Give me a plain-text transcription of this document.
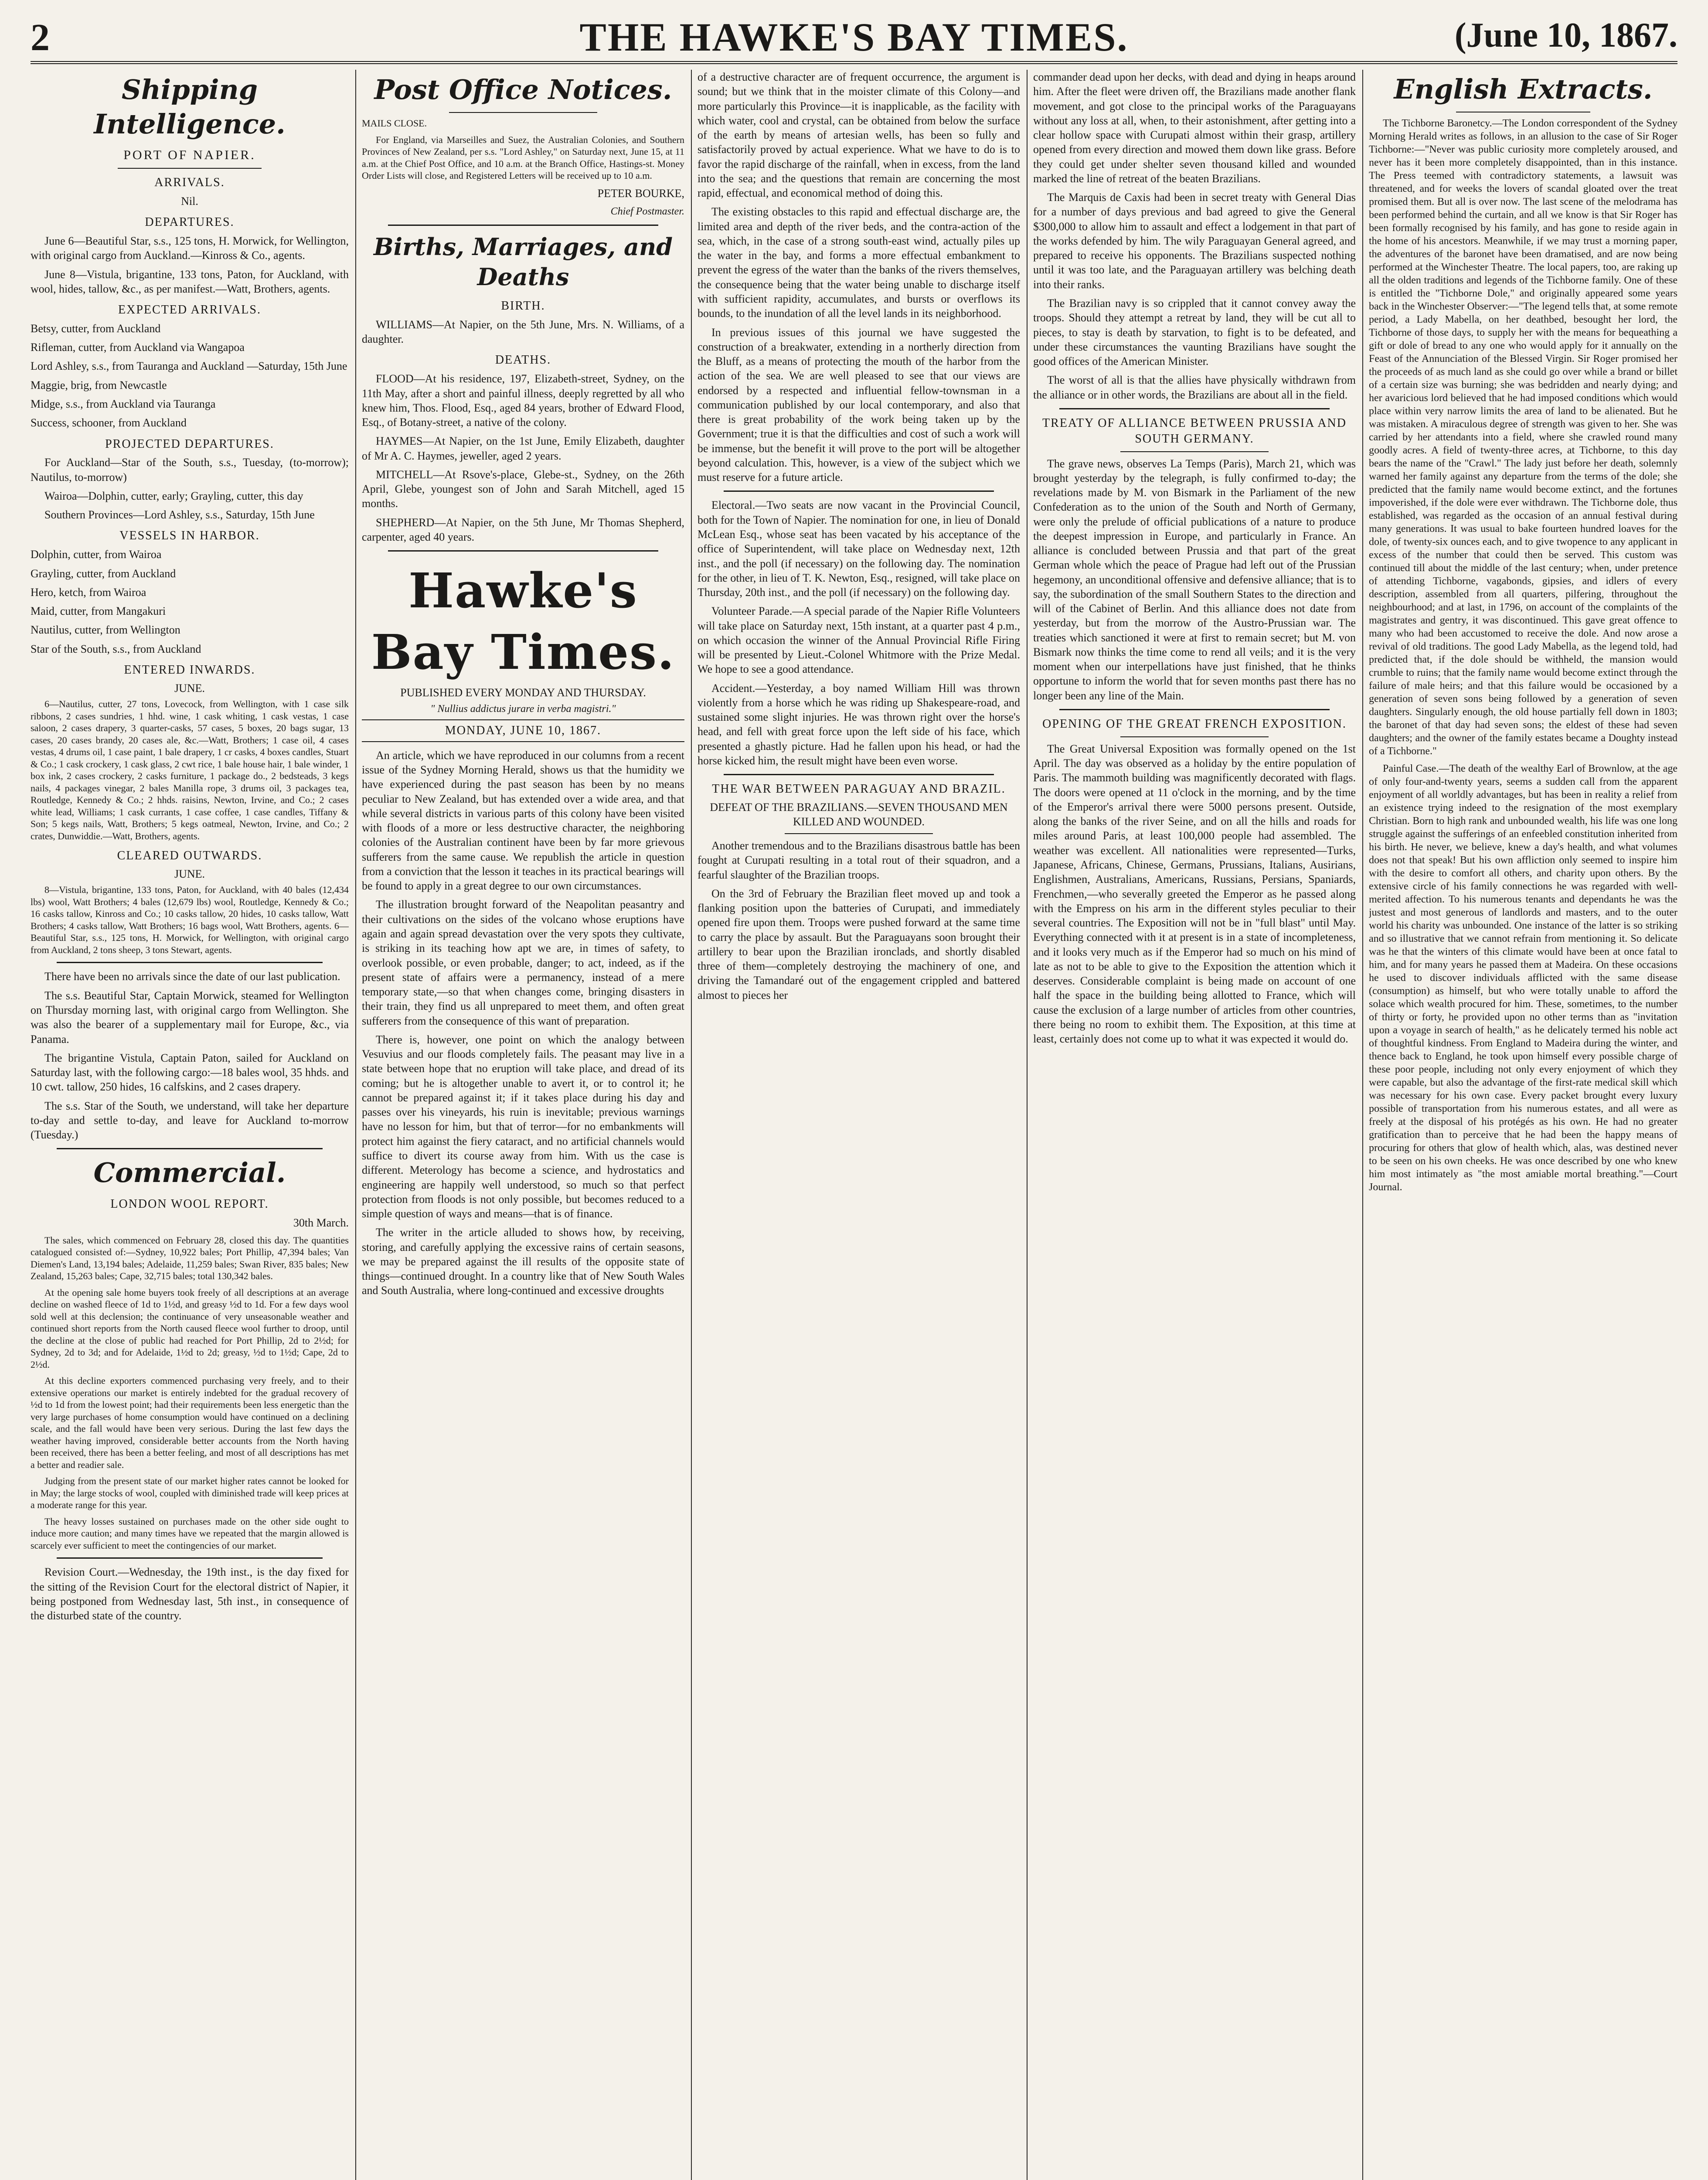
2	THE HAWKE'S BAY TIMES.	(June 10, 1867.
Shipping Intelligence.
PORT OF NAPIER.
ARRIVALS.

Nil.

DEPARTURES.

June 6—Beautiful Star, s.s., 125 tons, H. Morwick, for Wellington, with original cargo from Auckland.—Kinross & Co., agents.

June 8—Vistula, brigantine, 133 tons, Paton, for Auckland, with wool, hides, tallow, &c., as per manifest.—Watt, Brothers, agents.

EXPECTED ARRIVALS.

Betsy, cutter, from Auckland

Rifleman, cutter, from Auckland via Wangapoa

Lord Ashley, s.s., from Tauranga and Auckland —Saturday, 15th June

Maggie, brig, from Newcastle

Midge, s.s., from Auckland via Tauranga

Success, schooner, from Auckland

PROJECTED DEPARTURES.

For Auckland—Star of the South, s.s., Tuesday, (to-morrow); Nautilus, to-morrow)

Wairoa—Dolphin, cutter, early; Grayling, cutter, this day

Southern Provinces—Lord Ashley, s.s., Saturday, 15th June

VESSELS IN HARBOR.

Dolphin, cutter, from Wairoa

Grayling, cutter, from Auckland

Hero, ketch, from Wairoa

Maid, cutter, from Mangakuri

Nautilus, cutter, from Wellington

Star of the South, s.s., from Auckland

ENTERED INWARDS.
JUNE.

6—Nautilus, cutter, 27 tons, Lovecock, from Wellington, with 1 case silk ribbons, 2 cases sundries, 1 hhd. wine, 1 cask whiting, 1 cask vestas, 1 case saloon, 2 cases drapery, 3 quarter-casks, 57 cases, 5 boxes, 20 bags sugar, 13 cases, 20 cases brandy, 20 cases ale, &c.—Watt, Brothers; 1 case oil, 4 cases vestas, 4 drums oil, 1 case paint, 1 bale drapery, 1 cr casks, 4 boxes candles, Stuart & Co.; 1 cask crockery, 1 cask glass, 2 cwt rice, 1 bale house hair, 1 bale winder, 1 box ink, 2 cases crockery, 2 casks furniture, 1 package do., 2 bedsteads, 3 kegs nails, 4 packages vinegar, 2 bales Manilla rope, 3 drums oil, 3 packages tea, Routledge, Kennedy & Co.; 2 hhds. raisins, Newton, Irvine, and Co.; 2 cases white lead, Williams; 1 cask currants, 1 case coffee, 1 case candles, Tiffany & Son; 5 kegs nails, Watt, Brothers; 5 kegs oatmeal, Newton, Irvine, and Co.; 2 crates, Dunwiddie.—Watt, Brothers, agents.

CLEARED OUTWARDS.
JUNE.

8—Vistula, brigantine, 133 tons, Paton, for Auckland, with 40 bales (12,434 lbs) wool, Watt Brothers; 4 bales (12,679 lbs) wool, Routledge, Kennedy & Co.; 16 casks tallow, Kinross and Co.; 10 casks tallow, 20 hides, 10 casks tallow, Watt Brothers; 4 casks tallow, Watt Brothers; 16 bags wool, Watt Brothers, agents. 6—Beautiful Star, s.s., 125 tons, H. Morwick, for Wellington, with original cargo from Auckland, 2 tons sheep, 3 tons Stewart, agents.

There have been no arrivals since the date of our last publication.

The s.s. Beautiful Star, Captain Morwick, steamed for Wellington on Thursday morning last, with original cargo from Wellington. She was also the bearer of a supplementary mail for Europe, &c., via Panama.

The brigantine Vistula, Captain Paton, sailed for Auckland on Saturday last, with the following cargo:—18 bales wool, 35 hhds. and 10 cwt. tallow, 250 hides, 16 calfskins, and 2 cases drapery.

The s.s. Star of the South, we understand, will take her departure to-day and settle to-day, and leave for Auckland to-morrow (Tuesday.)

Commercial.
LONDON WOOL REPORT.

30th March.

The sales, which commenced on February 28, closed this day. The quantities catalogued consisted of:—Sydney, 10,922 bales; Port Phillip, 47,394 bales; Van Diemen's Land, 13,194 bales; Adelaide, 11,259 bales; Swan River, 835 bales; New Zealand, 15,263 bales; Cape, 32,715 bales; total 130,342 bales.

At the opening sale home buyers took freely of all descriptions at an average decline on washed fleece of 1d to 1½d, and greasy ½d to 1d. For a few days wool sold well at this declension; the continuance of very unseasonable weather and continued short reports from the North caused fleece wool further to droop, until the decline at the close of public had reached for Port Phillip, 2d to 2½d; for Sydney, 2d to 3d; and for Adelaide, 1½d to 2d; greasy, ½d to 1½d; Cape, 2d to 2½d.

At this decline exporters commenced purchasing very freely, and to their extensive operations our market is entirely indebted for the gradual recovery of ½d to 1d from the lowest point; had their requirements been less energetic than the very large purchases of home consumption would have continued on a declining scale, and the fall would have been very serious. During the last few days the weather having improved, considerable better accounts from the North having been received, there has been a better feeling, and most of all descriptions has met a better and readier sale.

Judging from the present state of our market higher rates cannot be looked for in May; the large stocks of wool, coupled with diminished trade will keep prices at a moderate range for this year.

The heavy losses sustained on purchases made on the other side ought to induce more caution; and many times have we repeated that the margin allowed is scarcely ever sufficient to meet the contingencies of our market.

Revision Court.—Wednesday, the 19th inst., is the day fixed for the sitting of the Revision Court for the electoral district of Napier, it being postponed from Wednesday last, 5th inst., in consequence of the disturbed state of the country.

Post Office Notices.

MAILS CLOSE.

For England, via Marseilles and Suez, the Australian Colonies, and Southern Provinces of New Zealand, per s.s. "Lord Ashley," on Saturday next, June 15, at 11 a.m. at the Chief Post Office, and 10 a.m. at the Branch Office, Hastings-st. Money Order Lists will close, and Registered Letters will be received up to 10 a.m.

PETER BOURKE,

Chief Postmaster.

Births, Marriages, and Deaths
BIRTH.

WILLIAMS—At Napier, on the 5th June, Mrs. N. Williams, of a daughter.

DEATHS.

FLOOD—At his residence, 197, Elizabeth-street, Sydney, on the 11th May, after a short and painful illness, deeply regretted by all who knew him, Thos. Flood, Esq., aged 84 years, brother of Edward Flood, Esq., of Botany-street, a native of the colony.

HAYMES—At Napier, on the 1st June, Emily Elizabeth, daughter of Mr A. C. Haymes, jeweller, aged 2 years.

MITCHELL—At Rsove's-place, Glebe-st., Sydney, on the 26th April, Glebe, youngest son of John and Sarah Mitchell, aged 15 months.

SHEPHERD—At Napier, on the 5th June, Mr Thomas Shepherd, carpenter, aged 40 years.

Hawke's Bay Times.
PUBLISHED EVERY MONDAY AND THURSDAY.
" Nullius addictus jurare in verba magistri."
MONDAY, JUNE 10, 1867.

An article, which we have reproduced in our columns from a recent issue of the Sydney Morning Herald, shows us that the humidity we have experienced during the past season has been by no means peculiar to New Zealand, but has extended over a wide area, and that while several districts in various parts of this colony have been visited with floods of a more or less destructive character, the neighboring colonies of the Australian continent have been by far more grievous sufferers from the same cause. We republish the article in question from a conviction that the lesson it teaches in its practical bearings will be found to apply in a great degree to our own circumstances.

The illustration brought forward of the Neapolitan peasantry and their cultivations on the sides of the volcano whose eruptions have again and again spread devastation over the very spots they cultivate, is striking in its teaching how apt we are, in times of safety, to overlook possible, or even probable, danger; to act, indeed, as if the present state of affairs were a permanency, instead of a mere temporary state,—so that when changes come, bringing disasters in their train, they find us all unprepared to meet them, and often great sufferers from the consequence of this want of preparation.

There is, however, one point on which the analogy between Vesuvius and our floods completely fails. The peasant may live in a state between hope that no eruption will take place, and dread of its coming; but he is altogether unable to avert it, or to control it; he cannot be prepared against it; if it takes place during his day and passes over his vineyards, his ruin is inevitable; previous warnings have no lesson for him, but that of terror—for no embankments will protect him against the fiery cataract, and no artificial channels would suffice to divert its course away from him. With us the case is different. Meterology has become a science, and hydrostatics and engineering are happily well understood, so much so that perfect protection from floods is not only possible, but becomes reduced to a simple question of ways and means—that is of finance.

The writer in the article alluded to shows how, by receiving, storing, and carefully applying the excessive rains of certain seasons, we may be prepared against the ill results of the opposite state of things—continued drought. In a country like that of New South Wales and South Australia, where long-continued and excessive droughts

of a destructive character are of frequent occurrence, the argument is sound; but we think that in the moister climate of this Colony—and more particularly this Province—it is inapplicable, as the facility with which water, cool and crystal, can be obtained from below the surface of the earth by means of artesian wells, has been so fully and satisfactorily proved by actual experience. What we have to do is to favor the rapid discharge of the rainfall, when in excess, from the land into the sea; and the questions that remain are concerning the most rapid, effectual, and economical method of doing this.

The existing obstacles to this rapid and effectual discharge are, the limited area and depth of the river beds, and the contra-action of the sea, which, in the case of a strong south-east wind, actually piles up the water in the bay, and forms a more effectual embankment to prevent the egress of the water than the banks of the rivers themselves, the consequence being that the water being unable to discharge itself with sufficient rapidity, accumulates, and bursts or overflows its bounds, to the inundation of all the level lands in its neighborhood.

In previous issues of this journal we have suggested the construction of a breakwater, extending in a northerly direction from the Bluff, as a means of protecting the mouth of the harbor from the action of the sea. We are well pleased to see that our views are endorsed by a respected and influential fellow-townsman in a communication published by our local contemporary, and also that there is great probability of the work being taken up by the Government; true it is that the difficulties and cost of such a work will be immense, but the benefit it will prove to the port will be altogether beyond calculation. This, however, is a view of the subject which we must reserve for a future article.

Electoral.—Two seats are now vacant in the Provincial Council, both for the Town of Napier. The nomination for one, in lieu of Donald McLean Esq., whose seat has been vacated by his acceptance of the office of Superintendent, will take place on Wednesday next, 12th inst., and the poll (if necessary) on the following day. The nomination for the other, in lieu of T. K. Newton, Esq., resigned, will take place on Thursday, 20th inst., and the poll (if necessary) on the following day.

Volunteer Parade.—A special parade of the Napier Rifle Volunteers will take place on Saturday next, 15th instant, at a quarter past 4 p.m., on which occasion the winner of the Annual Provincial Rifle Firing will be presented by Lieut.-Colonel Whitmore with the Prize Medal. We hope to see a good attendance.

Accident.—Yesterday, a boy named William Hill was thrown violently from a horse which he was riding up Shakespeare-road, and sustained some slight injuries. He was thrown right over the horse's head, and fell with great force upon the left side of his face, which presented a ghastly picture. Had he fallen upon his head, or had the horse kicked him, the result might have been even worse.

THE WAR BETWEEN PARAGUAY AND BRAZIL.
DEFEAT OF THE BRAZILIANS.—SEVEN THOUSAND MEN KILLED AND WOUNDED.

Another tremendous and to the Brazilians disastrous battle has been fought at Curupati resulting in a total rout of their squadron, and a fearful slaughter of the Brazilian troops.

On the 3rd of February the Brazilian fleet moved up and took a flanking position upon the batteries of Curupati, and immediately opened fire upon them. Troops were pushed forward at the same time to carry the place by assault. But the Paraguayans soon brought their artillery to bear upon the Brazilian ironclads, and shortly disabled three of them—completely destroying the machinery of one, and driving the Tamandaré out of the engagement crippled and battered almost to pieces her

commander dead upon her decks, with dead and dying in heaps around him. After the fleet were driven off, the Brazilians made another flank movement, and got close to the principal works of the Paraguayans without any loss at all, when, to their astonishment, after getting into a clear hollow space with Curupati almost within their grasp, artillery opened from every direction and mowed them down like grass. Before they could get under shelter seven thousand killed and wounded marked the line of retreat of the beaten Brazilians.

The Marquis de Caxis had been in secret treaty with General Dias for a number of days previous and bad agreed to give the General $300,000 to allow him to assault and effect a lodgement in that part of the works defended by him. The wily Paraguayan General agreed, and prepared to receive his opponents. The Brazilians suspected nothing until it was too late, and the Paraguayan artillery was belching death into their ranks.

The Brazilian navy is so crippled that it cannot convey away the troops. Should they attempt a retreat by land, they will be cut all to pieces, to stay is death by starvation, to fight is to be defeated, and under these circumstances the vaunting Brazilians have sought the good offices of the American Minister.

The worst of all is that the allies have physically withdrawn from the alliance or in other words, the Brazilians are about all in the field.

TREATY OF ALLIANCE BETWEEN PRUSSIA AND SOUTH GERMANY.

The grave news, observes La Temps (Paris), March 21, which was brought yesterday by the telegraph, is fully confirmed to-day; the revelations made by M. von Bismark in the Parliament of the new Confederation as to the union of the South and North of Germany, were only the prelude of official publications of a nature to produce the deepest impression in Europe, and particularly in France. An alliance is concluded between Prussia and that part of the great German whole which the peace of Prague had left out of the Prussian hegemony, an unconditional offensive and defensive alliance; that is to say, the subordination of the small Southern States to the direction and will of the Cabinet of Berlin. And this alliance does not date from yesterday, but from the morrow of the Austro-Prussian war. The treaties which sanctioned it were at first to remain secret; but M. von Bismark now thinks the time come to rend all veils; and it is the very moment when our interpellations have just finished, that he thinks opportune to inform the world that for seven months past there has no longer been any line of the Main.

OPENING OF THE GREAT FRENCH EXPOSITION.

The Great Universal Exposition was formally opened on the 1st April. The day was observed as a holiday by the entire population of Paris. The mammoth building was magnificently decorated with flags. The doors were opened at 11 o'clock in the morning, and by the time of the Emperor's arrival there were 5000 persons present. Outside, along the banks of the river Seine, and on all the hills and roads for miles around Paris, at least 100,000 people had assembled. The weather was excellent. All nationalities were represented—Turks, Japanese, Africans, Chinese, Germans, Prussians, Italians, Ausirians, Englishmen, Australians, Americans, Russians, Persians, Spaniards, Frenchmen,—who severally greeted the Emperor as he passed along with the Empress on his arm in the different styles peculiar to their several countries. The Exposition will not be in "full blast" until May. Everything connected with it at present is in a state of incompleteness, and it looks very much as if the Emperor had so much on his mind of late as not to be able to give to the Exposition the attention which it deserves. Considerable complaint is being made on account of one half the space in the building being allotted to France, which will cause the exclusion of a large number of articles from other countries, there being no room to exhibit them. The Exposition, at this time at least, certainly does not come up to what it was expected it would do.

English Extracts.

The Tichborne Baronetcy.—The London correspondent of the Sydney Morning Herald writes as follows, in an allusion to the case of Sir Roger Tichborne:—"Never was public curiosity more completely aroused, and never has it been more completely disappointed, than in this instance. The Press teemed with contradictory statements, a lawsuit was threatened, and for weeks the lovers of scandal gloated over the treat promised them. But all is over now. The last scene of the melodrama has been performed behind the curtain, and all we know is that Sir Roger has been formally recognised by his family, and has gone to reside again in the home of his ancestors. Meanwhile, if we may trust a morning paper, the adventures of the baronet have been dramatised, and are now being performed at the Winchester Theatre. The local papers, too, are raking up all the olden traditions and legends of the Tichborne family. One of these is entitled the "Tichborne Dole," and originally appeared some years back in the Winchester Observer:—"The legend tells that, at some remote period, a Lady Mabella, on her deathbed, besought her lord, the Tichborne of those days, to supply her with the means for bequeathing a gift or dole of bread to any one who would apply for it annually on the Feast of the Annunciation of the Blessed Virgin. Sir Roger promised her the proceeds of as much land as she could go over while a brand or billet of a certain size was burning; she was bedridden and nearly dying; and her avaricious lord believed that he had imposed conditions which would place within very narrow limits the area of land to be alienated. But he was mistaken. A miraculous degree of strength was given to her. She was carried by her attendants into a field, where she crawled round many goodly acres. A field of twenty-three acres, at Tichborne, to this day bears the name of the "Crawl." The lady just before her death, solemnly warned her family against any departure from the terms of the dole; she predicted that the family name would become extinct, and the fortunes impoverished, if the dole were ever withdrawn. The Tichborne dole, thus established, was regarded as the occasion of an annual festival during many generations. It was usual to bake fourteen hundred loaves for the dole, of twenty-six ounces each, and to give twopence to any applicant in excess of the number that could then be served. This custom was continued till about the middle of the last century; when, under pretence of attending Tichborne, vagabonds, gipsies, and idlers of every description, assembled from all quarters, pilfering, throughout the neighbourhood; and at last, in 1796, on account of the complaints of the magistrates and gentry, it was discontinued. This gave great offence to many who had been accustomed to receive the dole. And now arose a revival of old traditions. The good Lady Mabella, as the legend told, had predicted that, if the dole should be withheld, the mansion would crumble to ruins; that the family name would become extinct through the failure of male heirs; and that this failure would be occasioned by a generation of seven sons being followed by a generation of seven daughters. Singularly enough, the old house partially fell down in 1803; the baronet of that day had seven sons; the eldest of these had seven daughters; and the owner of the family estates became a Doughty instead of a Tichborne."

Painful Case.—The death of the wealthy Earl of Brownlow, at the age of only four-and-twenty years, seems a sudden call from the apparent enjoyment of all worldly advantages, but has been in reality a relief from an existence trying indeed to the resignation of the most exemplary Christian. Born to high rank and unbounded wealth, his life was one long struggle against the sufferings of an enfeebled constitution inherited from his birth. He never, we believe, knew a day's health, and what volumes does not that speak! But his own affliction only seemed to inspire him with the desire to comfort all others, and charity upon others. By the extensive circle of his family connections he was regarded with well-merited affection. To his numerous tenants and dependants he was the justest and most generous of landlords and masters, and to the outer world his charity was unbounded. One instance of the latter is so striking and so illustrative that we cannot refrain from mentioning it. So delicate was he that the winters of this climate would have been at once fatal to him, and for many years he passed them at Madeira. On these occasions he used to discover individuals afflicted with the same disease (consumption) as himself, but who were totally unable to afford the solace which wealth procured for him. These, sometimes, to the number of thirty or forty, he provided upon no other terms than as "invitation upon a voyage in search of health," as he delicately termed his noble act of thoughtful kindness. From England to Madeira during the winter, and thence back to England, he took upon himself every possible charge of these poor people, including not only every enjoyment of which they were capable, but also the advantage of the first-rate medical skill which was necessary for his own case. Every packet brought every luxury possible of transportation from his numerous estates, and all were as freely at the disposal of his protégés as his own. He had no greater gratification than to perceive that he had been the happy means of procuring for others that glow of health which, alas, was destined never to be seen on his own cheeks. He was once described by one who knew him most intimately as "the most amiable mortal breathing."—Court Journal.
